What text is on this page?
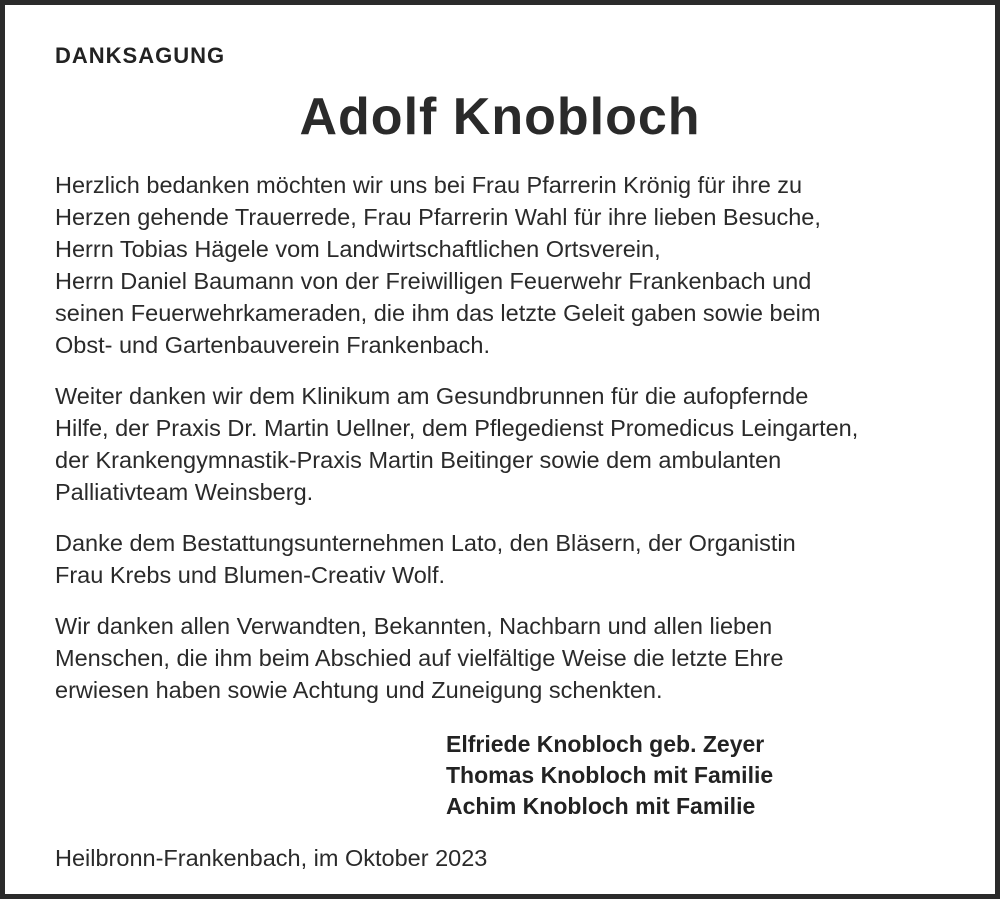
DANKSAGUNG
Adolf Knobloch

Herzlich bedanken möchten wir uns bei Frau Pfarrerin Krönig für ihre zu
Herzen gehende Trauerrede, Frau Pfarrerin Wahl für ihre lieben Besuche,
Herrn Tobias Hägele vom Landwirtschaftlichen Ortsverein,
Herrn Daniel Baumann von der Freiwilligen Feuerwehr Frankenbach und
seinen Feuerwehrkameraden, die ihm das letzte Geleit gaben sowie beim
Obst- und Gartenbauverein Frankenbach.

Weiter danken wir dem Klinikum am Gesundbrunnen für die aufopfernde
Hilfe, der Praxis Dr. Martin Uellner, dem Pflegedienst Promedicus Leingarten,
der Krankengymnastik-Praxis Martin Beitinger sowie dem ambulanten
Palliativteam Weinsberg.

Danke dem Bestattungsunternehmen Lato, den Bläsern, der Organistin
Frau Krebs und Blumen-Creativ Wolf.

Wir danken allen Verwandten, Bekannten, Nachbarn und allen lieben
Menschen, die ihm beim Abschied auf vielfältige Weise die letzte Ehre
erwiesen haben sowie Achtung und Zuneigung schenkten.

Elfriede Knobloch geb. Zeyer
Thomas Knobloch mit Familie
Achim Knobloch mit Familie
Heilbronn-Frankenbach, im Oktober 2023
